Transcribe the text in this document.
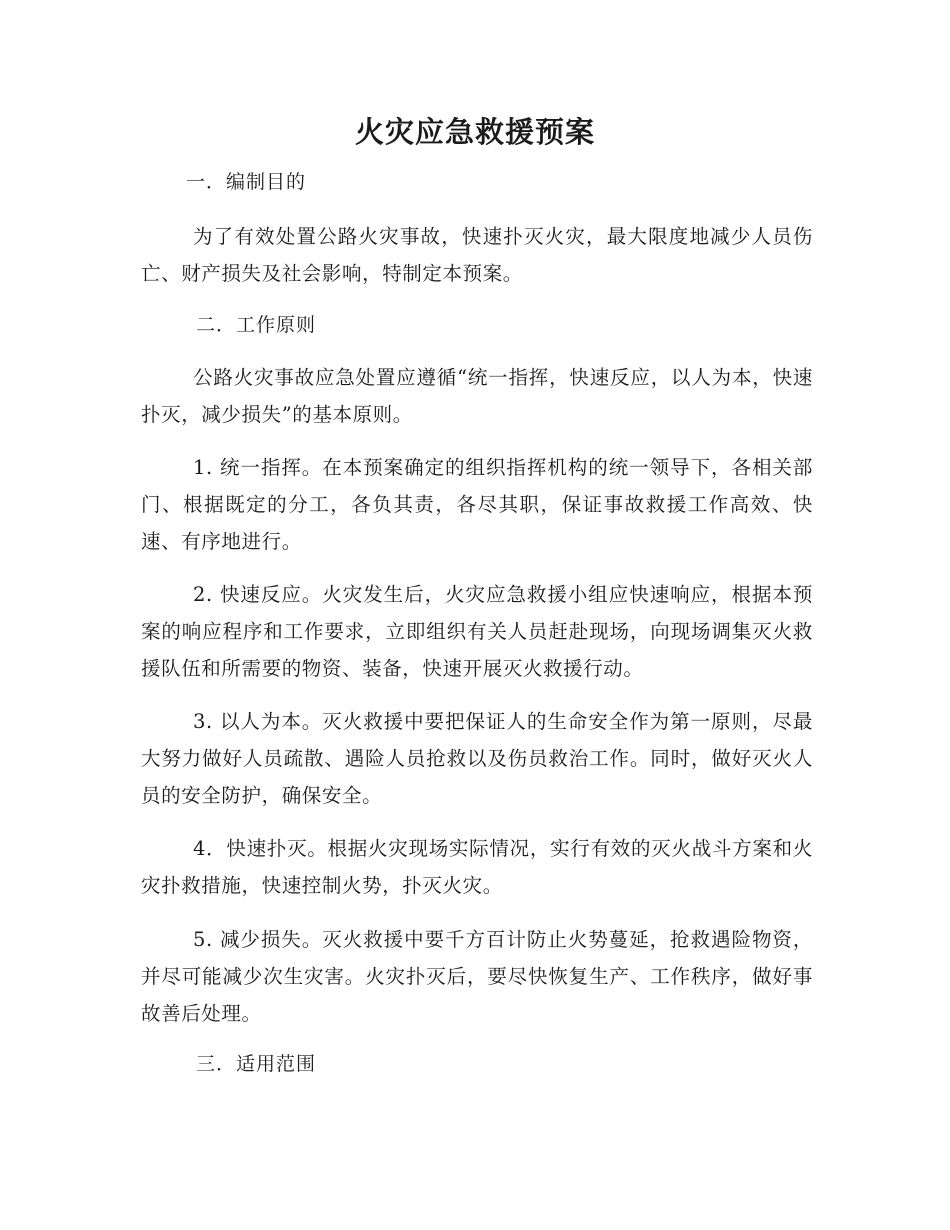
火灾应急救援预案
一．编制目的

为了有效处置公路火灾事故，快速扑灭火灾，最大限度地减少人员伤亡、财产损失及社会影响，特制定本预案。

二．工作原则

公路火灾事故应急处置应遵循“统一指挥，快速反应，以人为本，快速扑灭，减少损失”的基本原则。

1. 统一指挥。在本预案确定的组织指挥机构的统一领导下，各相关部门、根据既定的分工，各负其责，各尽其职，保证事故救援工作高效、快速、有序地进行。

2. 快速反应。火灾发生后，火灾应急救援小组应快速响应，根据本预案的响应程序和工作要求，立即组织有关人员赶赴现场，向现场调集灭火救援队伍和所需要的物资、装备，快速开展灭火救援行动。

3. 以人为本。灭火救援中要把保证人的生命安全作为第一原则，尽最大努力做好人员疏散、遇险人员抢救以及伤员救治工作。同时，做好灭火人员的安全防护，确保安全。

4．快速扑灭。根据火灾现场实际情况，实行有效的灭火战斗方案和火灾扑救措施，快速控制火势，扑灭火灾。

5. 减少损失。灭火救援中要千方百计防止火势蔓延，抢救遇险物资，并尽可能减少次生灾害。火灾扑灭后，要尽快恢复生产、工作秩序，做好事故善后处理。

三．适用范围
